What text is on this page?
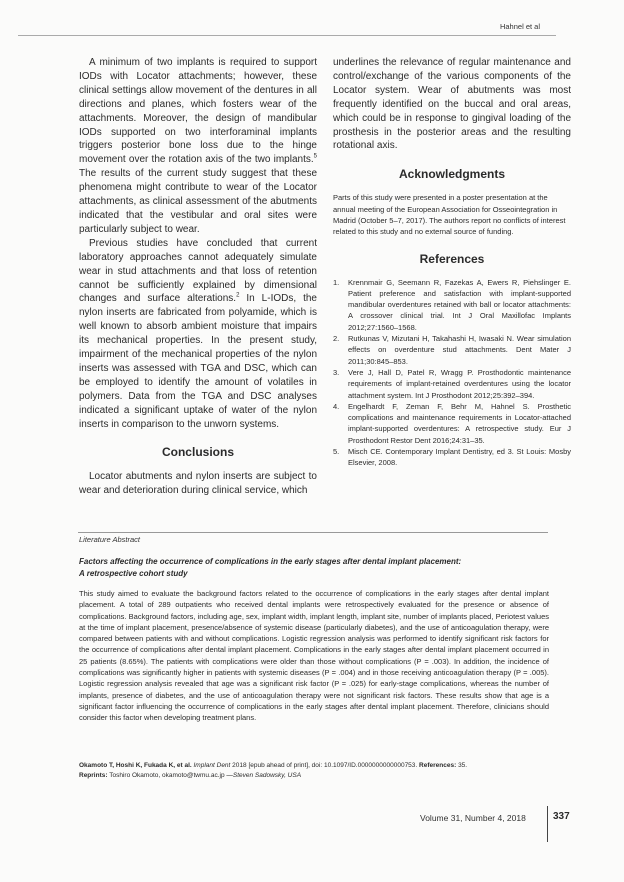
Hahnel et al

A minimum of two implants is required to support IODs with Locator attachments; however, these clinical settings allow movement of the dentures in all directions and planes, which fosters wear of the attachments. Moreover, the design of mandibular IODs supported on two interforaminal implants triggers posterior bone loss due to the hinge movement over the rotation axis of the two implants.$^5$ The results of the current study suggest that these phenomena might contribute to wear of the Locator attachments, as clinical assessment of the abutments indicated that the vestibular and oral sites were particularly subject to wear.

Previous studies have concluded that current laboratory approaches cannot adequately simulate wear in stud attachments and that loss of retention cannot be sufficiently explained by dimensional changes and surface alterations.$^2$ In L-IODs, the nylon inserts are fabricated from polyamide, which is well known to absorb ambient moisture that impairs its mechanical properties. In the present study, impairment of the mechanical properties of the nylon inserts was assessed with TGA and DSC, which can be employed to identify the amount of volatiles in polymers. Data from the TGA and DSC analyses indicated a significant uptake of water of the nylon inserts in comparison to the unworn systems.

Conclusions

Locator abutments and nylon inserts are subject to wear and deterioration during clinical service, which

underlines the relevance of regular maintenance and control/exchange of the various components of the Locator system. Wear of abutments was most frequently identified on the buccal and oral areas, which could be in response to gingival loading of the prosthesis in the posterior areas and the resulting rotational axis.

Acknowledgments

Parts of this study were presented in a poster presentation at the annual meeting of the European Association for Osseointegration in Madrid (October 5–7, 2017). The authors report no conflicts of interest related to this study and no external source of funding.

References
1. Krennmair G, Seemann R, Fazekas A, Ewers R, Piehslinger E. Patient preference and satisfaction with implant-supported mandibular overdentures retained with ball or locator attachments: A crossover clinical trial. Int J Oral Maxillofac Implants 2012;27:1560–1568.
2. Rutkunas V, Mizutani H, Takahashi H, Iwasaki N. Wear simulation effects on overdenture stud attachments. Dent Mater J 2011;30:845–853.
3. Vere J, Hall D, Patel R, Wragg P. Prosthodontic maintenance requirements of implant-retained overdentures using the locator attachment system. Int J Prosthodont 2012;25:392–394.
4. Engelhardt F, Zeman F, Behr M, Hahnel S. Prosthetic complications and maintenance requirements in Locator-attached implant-supported overdentures: A retrospective study. Eur J Prosthodont Restor Dent 2016;24:31–35.
5. Misch CE. Contemporary Implant Dentistry, ed 3. St Louis: Mosby Elsevier, 2008.
Literature Abstract
Factors affecting the occurrence of complications in the early stages after dental implant placement:
A retrospective cohort study

This study aimed to evaluate the background factors related to the occurrence of complications in the early stages after dental implant placement. A total of 289 outpatients who received dental implants were retrospectively evaluated for the presence or absence of complications. Background factors, including age, sex, implant width, implant length, implant site, number of implants placed, Periotest values at the time of implant placement, presence/absence of systemic disease (particularly diabetes), and the use of anticoagulation therapy, were compared between patients with and without complications. Logistic regression analysis was performed to identify significant risk factors for the occurrence of complications after dental implant placement. Complications in the early stages after dental implant placement occurred in 25 patients (8.65%). The patients with complications were older than those without complications (P = .003). In addition, the incidence of complications was significantly higher in patients with systemic diseases (P = .004) and in those receiving anticoagulation therapy (P = .005). Logistic regression analysis revealed that age was a significant risk factor (P = .025) for early-stage complications, whereas the number of implants, presence of diabetes, and the use of anticoagulation therapy were not significant risk factors. These results show that age is a significant factor influencing the occurrence of complications in the early stages after dental implant placement. Therefore, clinicians should consider this factor when developing treatment plans.

Okamoto T, Hoshi K, Fukada K, et al. Implant Dent 2018 [epub ahead of print], doi: 10.1097/ID.0000000000000753. References: 35.
Reprints: Toshiro Okamoto, okamoto@twmu.ac.jp —Steven Sadowsky, USA
Volume 31, Number 4, 2018	337
